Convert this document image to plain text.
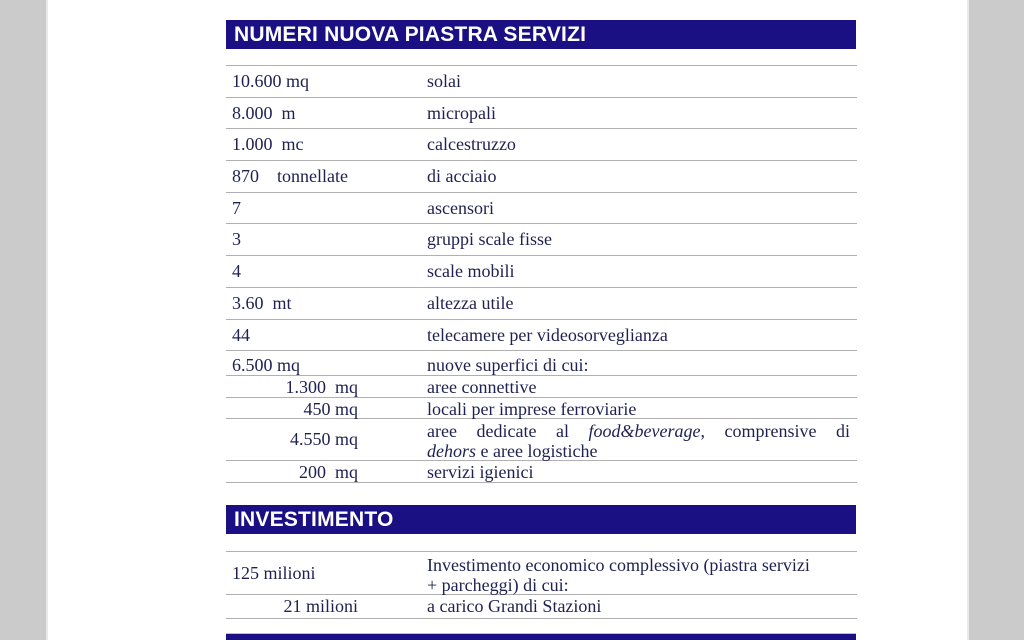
NUMERI NUOVA PIASTRA SERVIZI
10.600 mq	solai
8.000  m	micropali
1.000  mc	calcestruzzo
870    tonnellate	di acciaio
7	ascensori
3	gruppi scale fisse
4	scale mobili
3.60  mt	altezza utile
44	telecamere per videosorveglianza
6.500 mq	nuove superfici di cui:
1.300  mq	aree connettive
450 mq	locali per imprese ferroviarie
4.550 mq	aree dedicate al food&beverage, comprensive di
dehors e aree logistiche
200  mq	servizi igienici
INVESTIMENTO
125 milioni	Investimento economico complessivo (piastra servizi
+ parcheggi) di cui:
21 milioni	a carico Grandi Stazioni
